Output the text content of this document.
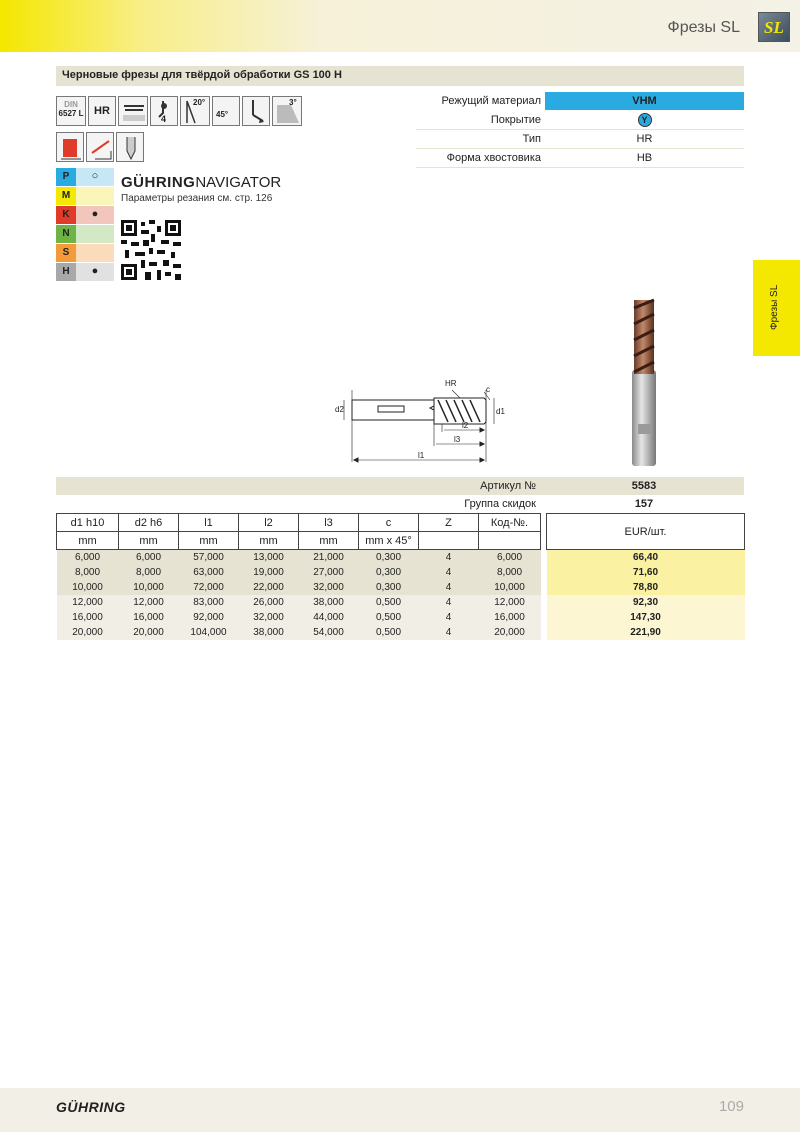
Фрезы SL SL
Черновые фрезы для твёрдой обработки GS 100 H
DIN
6527 L HR
4
20°
45°
3°	Режущий материал	VHM
Покрытие	Y
Тип	HR
Форма хвостовика	HB
P	○
M
K	●
N
S
H	●
GÜHRINGNAVIGATOR
Параметры резания см. стр. 126
Фрезы SL
HR
c
d2	d1
l2
l3
l1
Артикул №	5583
Группа скидок	157
d1 h10	d2 h6	l1	l2	l3	c	Z	Код-№.		EUR/шт.
mm	mm	mm	mm	mm	mm x 45°				
6,000	6,000	57,000	13,000	21,000	0,300	4	6,000		66,40
8,000	8,000	63,000	19,000	27,000	0,300	4	8,000		71,60
10,000	10,000	72,000	22,000	32,000	0,300	4	10,000		78,80
12,000	12,000	83,000	26,000	38,000	0,500	4	12,000		92,30
16,000	16,000	92,000	32,000	44,000	0,500	4	16,000		147,30
20,000	20,000	104,000	38,000	54,000	0,500	4	20,000		221,90
GÜHRING	109
